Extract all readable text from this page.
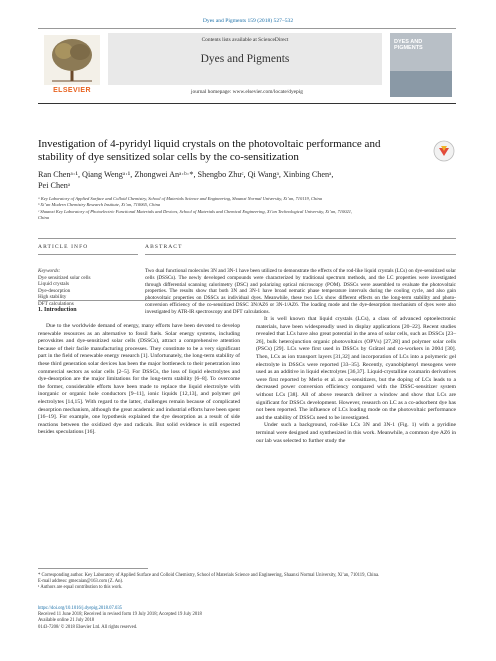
Dyes and Pigments 159 (2018) 527–532
ELSEVIER
Contents lists available at ScienceDirect
Dyes and Pigments
journal homepage: www.elsevier.com/locate/dyepig
DYES AND PIGMENTS
Investigation of 4-pyridyl liquid crystals on the photovoltaic performance and stability of dye sensitized solar cells by the co-sensitization
Ran Chenᵃ·¹, Qiang Wengᵃ·¹, Zhongwei Anᵃ·ᵇ·*, Shengbo Zhuᶜ, Qi Wangᵃ, Xinbing Chenᵃ,
Pei Chenᵃ
ᵃ Key Laboratory of Applied Surface and Colloid Chemistry, School of Materials Science and Engineering, Shaanxi Normal University, Xi’an, 710119, China
ᵇ Xi’an Modern Chemistry Research Institute, Xi’an, 710065, China
ᶜ Shaanxi Key Laboratory of Photoelectric Functional Materials and Devices, School of Materials and Chemical Engineering, Xi’an Technological University, Xi’an, 710021,
China
ARTICLE INFO	ABSTRACT
Keywords:
Dye sensitized solar cells
Liquid crystals
Dye-desorption
High stability
DFT calculations
Two dual functional molecules 3N and 3N-1 have been utilized to demonstrate the effects of the rod-like liquid crystals (LCs) on dye-sensitized solar cells (DSSCs). The newly developed compounds were characterized by traditional spectrum methods, and the LC properties were investigated through differential scanning calorimetry (DSC) and polarizing optical microscopy (POM). DSSCs were assembled to evaluate the photovoltaic properties. The results show that both 3N and 3N-1 have broad nematic phase temperature intervals during the cooling cycle, and also gain photovoltaic properties on DSSCs as individual dyes. Meanwhile, these two LCs show different effects on the long-term stability and photo-conversion efficiency of the co-sensitized DSSC 3N/AZ6 or 3N-1/AZ6. The loading mode and the dye-desorption mechanism of dyes were also investigated by ATR-IR spectroscopy and DFT calculations.
1. Introduction

Due to the worldwide demand of energy, many efforts have been devoted to develop renewable resources as an alternative to fossil fuels. Solar energy systems, including perovskites and dye-sensitized solar cells (DSSCs), attract a comprehensive attention because of their facile manufacturing processes. They constitute to be a very significant part in the field of renewable energy research [1]. Unfortunately, the long-term stability of these third generation solar devices has been the major bottleneck to their penetration into commercial sectors as solar cells [2–5]. For DSSCs, the loss of liquid electrolytes and dye-desorption are the major limitations for the long-term stability [6–8]. To overcome the former, considerable efforts have been made to replace the liquid electrolyte with inorganic or organic hole conductors [9–11], ionic liquids [12,13], and polymer gel electrolytes [14,15]. With regard to the latter, challenges remain because of complicated desorption mechanism, although the great academic and industrial efforts have been spent [16–19]. For example, one hypothesis explained the dye desorption as a result of side reactions between the oxidized dye and radicals. But solid evidence is still expected besides speculations [16].

It is well known that liquid crystals (LCs), a class of advanced optoelectronic materials, have been widespreadly used in display applications [20–22]. Recent studies revealed that LCs have also great potential in the area of solar cells, such as DSSCs [23–26], bulk heterojunction organic photovoltaics (OPVs) [27,28] and polymer solar cells (PSCs) [29]. LCs were first used in DSSCs by Grätzel and co-workers in 2004 [30]. Then, LCs as ion transport layers [31,32] and incorporation of LCs into a polymeric gel electrolyte in DSSCs were reported [33–35]. Recently, cyanobiphenyl mesogens were used as an additive in liquid electrolytes [36,37]. Liquid-crystalline coumarin derivatives were first reported by Merlo et al. as co-sensitizers, but the doping of LCs leads to a decreased power conversion efficiency compared with the DSSC-sensitizer system without LCs [38]. All of above research deliver a window and show that LCs are significant for DSSCs development. However, research on LC as a co-adsorbent dye has not been reported. The influence of LCs loading mode on the photovoltaic performance and the stability of DSSCs need to be investigated.

Under such a background, rod-like LCs 3N and 3N-1 (Fig. 1) with a pyridine terminal were designed and synthesized in this work. Meanwhile, a common dye AZ6 in our lab was selected to further study the

* Corresponding author. Key Laboratory of Applied Surface and Colloid Chemistry, School of Materials Science and Engineering, Shaanxi Normal University, Xi’an, 710119, China.
E-mail address: gmecaian@163.com (Z. An).
¹ Authors are equal contribution to this work.
https://doi.org/10.1016/j.dyepig.2018.07.035
Received 11 June 2018; Received in revised form 19 July 2018; Accepted 19 July 2018
Available online 21 July 2018
0143-7208/ © 2018 Elsevier Ltd. All rights reserved.
